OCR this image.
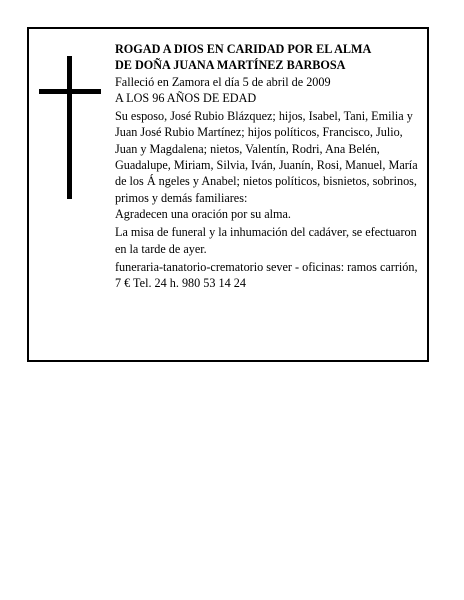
ROGAD A DIOS EN CARIDAD POR EL ALMA

DE DOÑA JUANA MARTÍNEZ BARBOSA

Falleció en Zamora el día 5 de abril de 2009

A LOS 96 AÑOS DE EDAD

Su esposo, José Rubio Blázquez; hijos, Isabel, Tani, Emilia y Juan José Rubio Martínez; hijos políticos, Francisco, Julio, Juan y Magdalena; nietos, Valentín, Rodri, Ana Belén, Guadalupe, Miriam, Silvia, Iván, Juanín, Rosi, Manuel, María de los Á ngeles y Anabel; nietos políticos, bisnietos, sobrinos, primos y demás familiares:

Agradecen una oración por su alma.

La misa de funeral y la inhumación del cadáver, se efectuaron en la tarde de ayer.

funeraria-tanatorio-crematorio sever - oficinas: ramos carrión, 7 € Tel. 24 h. 980 53 14 24
